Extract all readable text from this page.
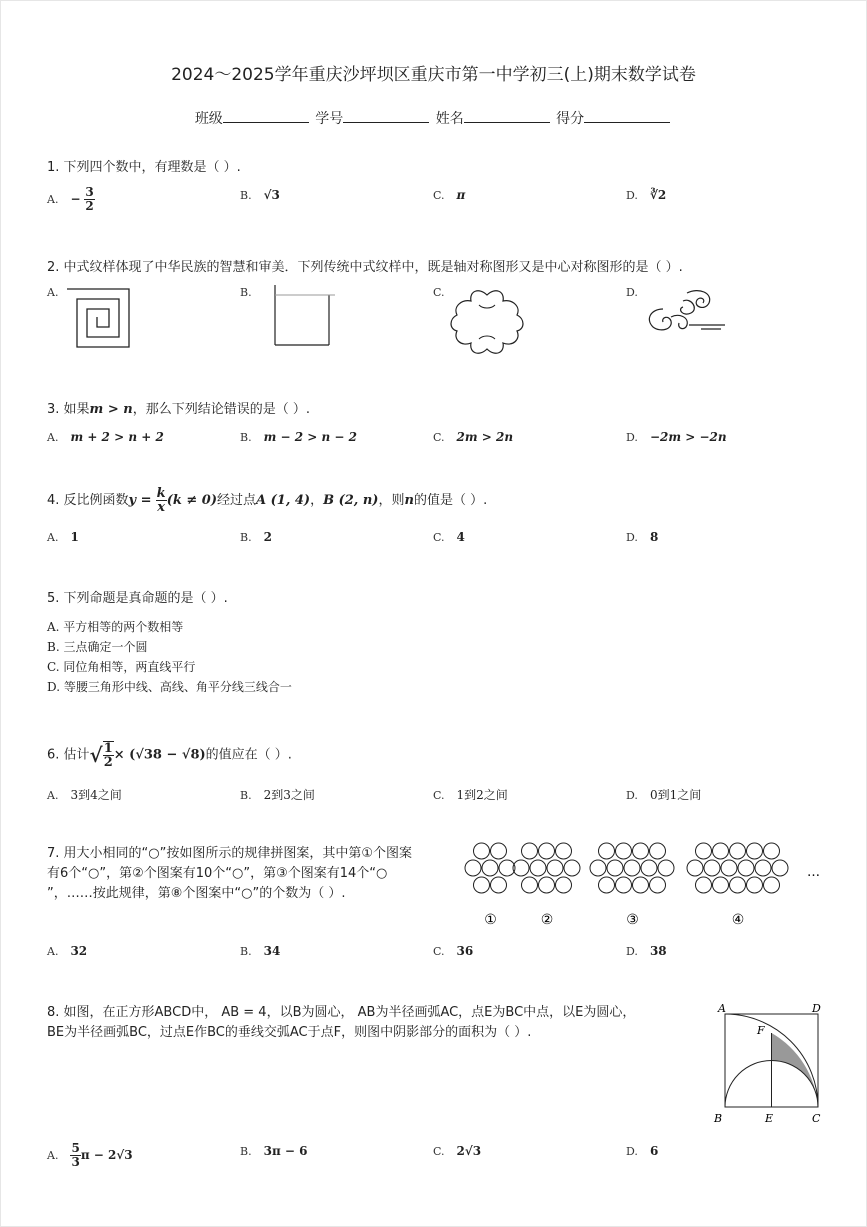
2024～2025学年重庆沙坪坝区重庆市第一中学初三(上)期末数学试卷
班级	学号	姓名	得分
1. 下列四个数中，有理数是（ ）.
A. − $\frac{3}{2}$	B. √3	C. π	D. ∛2
2. 中式纹样体现了中华民族的智慧和审美．下列传统中式纹样中，既是轴对称图形又是中心对称图形的是（ ）.
A.	B.	C.	D.
3. 如果m > n，那么下列结论错误的是（ ）.
A. m + 2 > n + 2	B. m − 2 > n − 2	C. 2m > 2n	D. −2m > −2n
4. 反比例函数$y = \frac{k}{x} (k \ne 0)$经过点A (1, 4)，B (2, n)，则n的值是（ ）.
A. 1	B. 2	C. 4	D. 8
5. 下列命题是真命题的是（ ）.
A. 平方相等的两个数相等
B. 三点确定一个圆
C. 同位角相等，两直线平行
D. 等腰三角形中线、高线、角平分线三线合一
6. 估计√ $\frac{1}{2} \times (√38 - √8)$的值应在（ ）.
A. 3到4之间	B. 2到3之间	C. 1到2之间	D. 0到1之间
7. 用大小相同的“○”按如图所示的规律拼图案，其中第①个图案
有6个“○”，第②个图案有10个“○”，第③个图案有14个“○
”，……按此规律，第⑧个图案中“○”的个数为（ ）.
①	②	③	④
…
A. 32	B. 34	C. 36	D. 38
8. 如图，在正方形ABCD中， AB = 4，以B为圆心， AB为半径画弧AC，点E为BC中点，以E为圆心，
BE为半径画弧BC，过点E作BC的垂线交弧AC于点F，则图中阴影部分的面积为（ ）.
A	D
B	C
E
F
A. $\frac{5}{3}$ π − 2√3	B. 3π − 6	C. 2√3	D. 6
